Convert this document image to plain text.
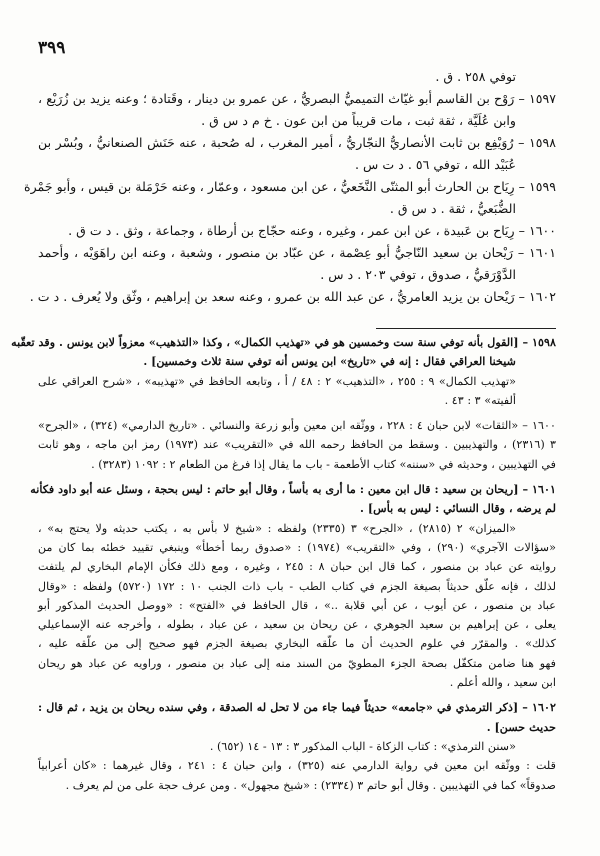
٣٩٩
توفي ٢٥٨ . ق .
١٥٩٧ – رَوْح بن القاسم أبو غيّاث التميميُّ البصريُّ ، عن عمرو بن دينار ، وقَتادة ؛ وعنه يزيد بن زُرَيْع ،
وابن عُلَيَّة ، ثقة ثبت ، مات قريباً من ابن عون . خ م د س ق .
١٥٩٨ – رُوَيْفِع بن ثابت الأنصاريُّ النجّاريُّ ، أمير المغرب ، له صُحبة ، عنه حَنَش الصنعانيُّ ، وبُسْر بن
عُبَيْد الله ، توفي ٥٦ . د ت س .
١٥٩٩ – رِيَاح بن الحارث أبو المثنّى النَّخَعيُّ ، عن ابن مسعود ، وعمّار ، وعنه حَرْمَلة بن قيس ، وأبو جَمْرة
الضُّبَعيُّ ، ثقة . د س ق .
١٦٠٠ – رِيَاح بن عَبيدة ، عن ابن عمر ، وغيره ، وعنه حجّاج بن أرطاة ، وجماعة ، وثق . د ت ق .
١٦٠١ – رَيْحان بن سعيد النّاجيُّ أبو عِصْمة ، عن عبّاد بن منصور ، وشعبة ، وعنه ابن راهَوَيْه ، وأحمد
الدَّوْرَقيُّ ، صدوق ، توفي ٢٠٣ . د س .
١٦٠٢ – رَيْحان بن يزيد العامريُّ ، عن عبد الله بن عمرو ، وعنه سعد بن إبراهيم ، وثّق ولا يُعرف . د ت .
١٥٩٨ – [القول بأنه توفي سنة ست وخمسين هو في «تهذيب الكمال» ، وكذا «التذهيب» معزواً لابن يونس . وقد تعقّبه
شيخنا العراقي فقال : إنه في «تاريخ» ابن يونس أنه توفي سنة ثلاث وخمسين] .
«تهذيب الكمال» ٩ : ٢٥٥ ، «التذهيب» ٢ : ٤٨ / أ ، وتابعه الحافظ في «تهذيبه» ، «شرح العراقي على
ألفيته» ٣ : ٤٣ .
١٦٠٠ – «الثقات» لابن حبان ٤ : ٢٢٨ ، ووثّقه ابن معين وأبو زرعة والنسائي . «تاريخ الدارمي» (٣٢٤) ، «الجرح»
٣ (٢٣١٦) ، والتهذيبين . وسقط من الحافظ رحمه الله في «التقريب» عند (١٩٧٣) رمز ابن ماجه ، وهو ثابت
في التهذيبين ، وحديثه في «سننه» كتاب الأطعمة - باب ما يقال إذا فرغ من الطعام ٢ : ١٠٩٢ (٣٢٨٣) .
١٦٠١ – [ريحان بن سعيد : قال ابن معين : ما أرى به بأساً ، وقال أبو حاتم : ليس بحجة ، وسئل عنه أبو داود فكأنه
لم يرضه ، وقال النسائي : ليس به بأس] .
«الميزان» ٢ (٢٨١٥) ، «الجرح» ٣ (٢٣٣٥) ولفظه : «شيخ لا بأس به ، يكتب حديثه ولا يحتج به» ،
«سؤالات الآجري» (٢٩٠) ، وفي «التقريب» (١٩٧٤) : «صدوق ربما أخطأ» وينبغي تقييد خطئه بما كان من
روايته عن عباد بن منصور ، كما قال ابن حبان ٨ : ٢٤٥ ، وغيره ، ومع ذلك فكأن الإمام البخاري لم يلتفت
لذلك ، فإنه علّق حديثاً بصيغة الجزم في كتاب الطب - باب ذات الجنب ١٠ : ١٧٢ (٥٧٢٠) ولفظه : «وقال
عباد بن منصور ، عن أيوب ، عن أبي قلابة ..» ، قال الحافظ في «الفتح» : «ووصل الحديث المذكور أبو
يعلى ، عن إبراهيم بن سعيد الجوهري ، عن ريحان بن سعيد ، عن عباد ، بطوله ، وأخرجه عنه الإسماعيلي
كذلك» . والمقرّر في علوم الحديث أن ما علّقه البخاري بصيغة الجزم فهو صحيح إلى من علّقه عليه ،
فهو هنا ضامن متكفّل بصحة الجزء المطويّ من السند منه إلى عباد بن منصور ، وراويه عن عباد هو ريحان
ابن سعيد ، والله أعلم .
١٦٠٢ – [ذكر الترمذي في «جامعه» حديثاً فيما جاء من لا تحل له الصدقة ، وفي سنده ريحان بن يزيد ، ثم قال :
حديث حسن] .
«سنن الترمذي» : كتاب الزكاة - الباب المذكور ٣ : ١٣ - ١٤ (٦٥٢) .
قلت : ووثّقه ابن معين في رواية الدارمي عنه (٣٢٥) ، وابن حبان ٤ : ٢٤١ ، وقال غيرهما : «كان أعرابياً
صدوقاً» كما في التهذيبين . وقال أبو حاتم ٣ (٢٣٣٤) : «شيخ مجهول» . ومن عرف حجة على من لم يعرف .
